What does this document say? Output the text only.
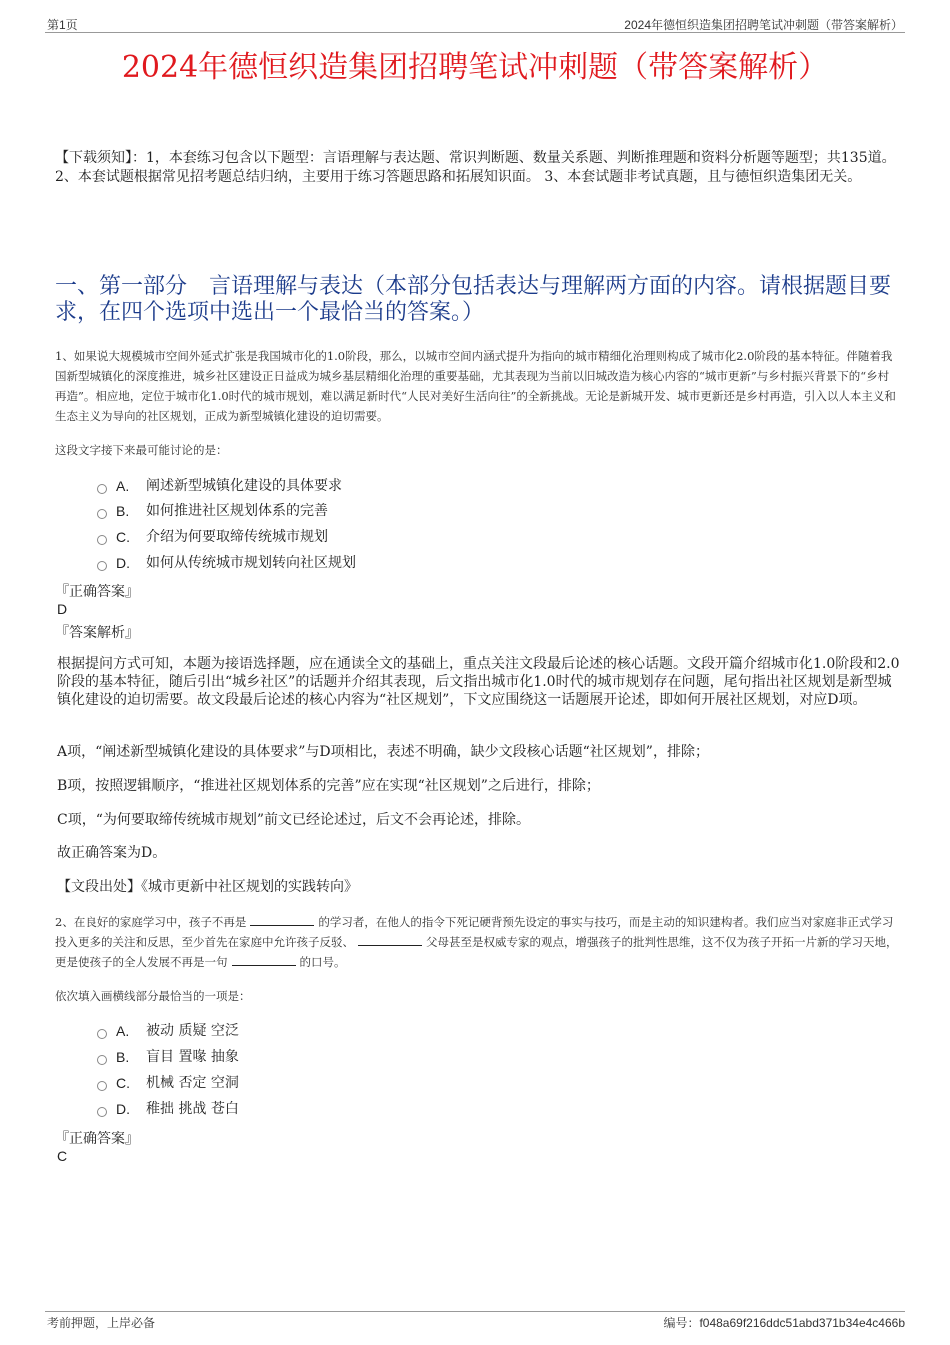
第1页	2024年德恒织造集团招聘笔试冲刺题（带答案解析）
2024年德恒织造集团招聘笔试冲刺题（带答案解析）
【下载须知】：1，本套练习包含以下题型：言语理解与表达题、常识判断题、数量关系题、判断推理题和资料分析题等题型；共135道。2、本套试题根据常见招考题总结归纳，主要用于练习答题思路和拓展知识面。 3、本套试题非考试真题，且与德恒织造集团无关。
一、第一部分　言语理解与表达（本部分包括表达与理解两方面的内容。请根据题目要求，在四个选项中选出一个最恰当的答案。）
1、如果说大规模城市空间外延式扩张是我国城市化的1.0阶段，那么，以城市空间内涵式提升为指向的城市精细化治理则构成了城市化2.0阶段的基本特征。伴随着我国新型城镇化的深度推进，城乡社区建设正日益成为城乡基层精细化治理的重要基础，尤其表现为当前以旧城改造为核心内容的“城市更新”与乡村振兴背景下的“乡村再造”。相应地，定位于城市化1.0时代的城市规划，难以满足新时代“人民对美好生活向往”的全新挑战。无论是新城开发、城市更新还是乡村再造，引入以人本主义和生态主义为导向的社区规划，正成为新型城镇化建设的迫切需要。
这段文字接下来最可能讨论的是：
A.	阐述新型城镇化建设的具体要求
B.	如何推进社区规划体系的完善
C.	介绍为何要取缔传统城市规划
D.	如何从传统城市规划转向社区规划
『正确答案』
D
『答案解析』
根据提问方式可知，本题为接语选择题，应在通读全文的基础上，重点关注文段最后论述的核心话题。文段开篇介绍城市化1.0阶段和2.0阶段的基本特征，随后引出“城乡社区”的话题并介绍其表现，后文指出城市化1.0时代的城市规划存在问题，尾句指出社区规划是新型城镇化建设的迫切需要。故文段最后论述的核心内容为“社区规划”，下文应围绕这一话题展开论述，即如何开展社区规划，对应D项。
A项，“阐述新型城镇化建设的具体要求”与D项相比，表述不明确，缺少文段核心话题“社区规划”，排除；
B项，按照逻辑顺序，“推进社区规划体系的完善”应在实现“社区规划”之后进行，排除；
C项，“为何要取缔传统城市规划”前文已经论述过，后文不会再论述，排除。
故正确答案为D。
【文段出处】《城市更新中社区规划的实践转向》
2、在良好的家庭学习中，孩子不再是	的学习者，在他人的指令下死记硬背预先设定的事实与技巧，而是主动的知识建构者。我们应当对家庭非正式学习投入更多的关注和反思，至少首先在家庭中允许孩子反驳、	父母甚至是权威专家的观点，增强孩子的批判性思维，这不仅为孩子开拓一片新的学习天地，更是使孩子的全人发展不再是一句	的口号。
依次填入画横线部分最恰当的一项是：
A.	被动 质疑 空泛
B.	盲目 置喙 抽象
C.	机械 否定 空洞
D.	稚拙 挑战 苍白
『正确答案』
C
考前押题，上岸必备	编号：f048a69f216ddc51abd371b34e4c466b
